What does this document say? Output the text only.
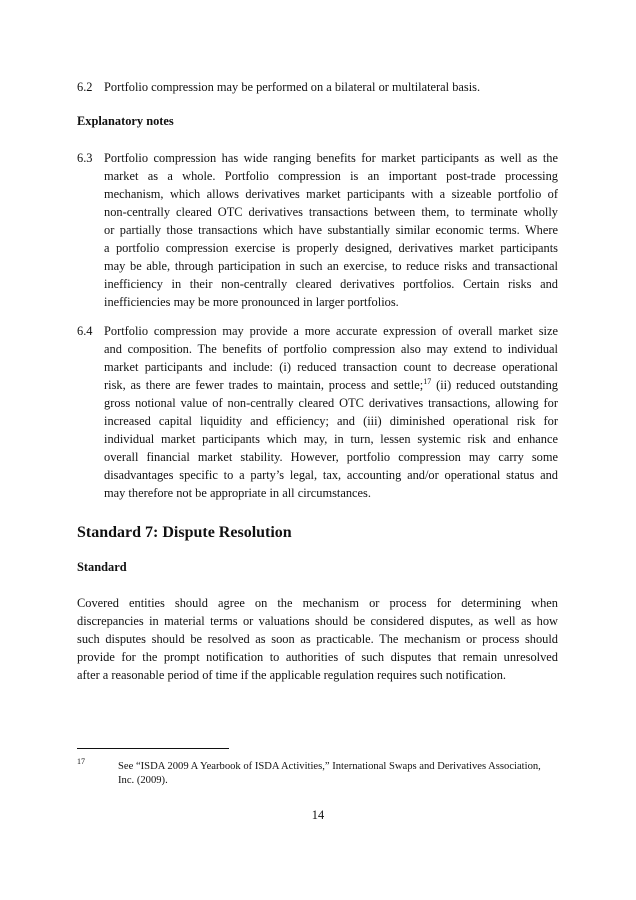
6.2 Portfolio compression may be performed on a bilateral or multilateral basis.
Explanatory notes
6.3 Portfolio compression has wide ranging benefits for market participants as well as the
market as a whole. Portfolio compression is an important post-trade processing
mechanism, which allows derivatives market participants with a sizeable portfolio of
non-centrally cleared OTC derivatives transactions between them, to terminate wholly
or partially those transactions which have substantially similar economic terms. Where
a portfolio compression exercise is properly designed, derivatives market participants
may be able, through participation in such an exercise, to reduce risks and transactional
inefficiency in their non-centrally cleared derivatives portfolios. Certain risks and
inefficiencies may be more pronounced in larger portfolios.
6.4 Portfolio compression may provide a more accurate expression of overall market size
and composition. The benefits of portfolio compression also may extend to individual
market participants and include: (i) reduced transaction count to decrease operational
risk, as there are fewer trades to maintain, process and settle;$^{17}$ (ii) reduced outstanding
gross notional value of non-centrally cleared OTC derivatives transactions, allowing for
increased capital liquidity and efficiency; and (iii) diminished operational risk for
individual market participants which may, in turn, lessen systemic risk and enhance
overall financial market stability. However, portfolio compression may carry some
disadvantages specific to a party’s legal, tax, accounting and/or operational status and
may therefore not be appropriate in all circumstances.
Standard 7: Dispute Resolution
Standard
Covered entities should agree on the mechanism or process for determining when
discrepancies in material terms or valuations should be considered disputes, as well as how
such disputes should be resolved as soon as practicable. The mechanism or process should
provide for the prompt notification to authorities of such disputes that remain unresolved
after a reasonable period of time if the applicable regulation requires such notification.
17	See “ISDA 2009 A Yearbook of ISDA Activities,” International Swaps and Derivatives Association,
Inc. (2009).
14
